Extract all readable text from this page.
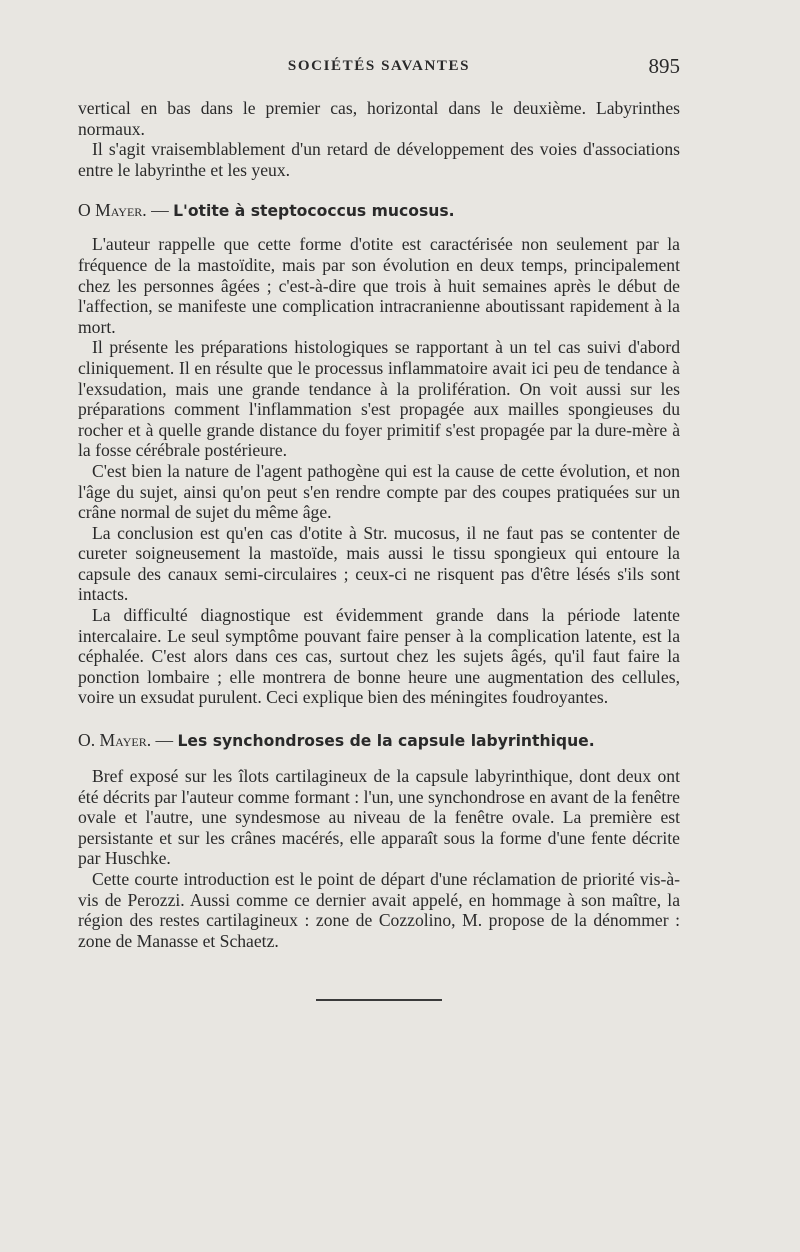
SOCIÉTÉS SAVANTES	895

vertical en bas dans le premier cas, horizontal dans le deuxième. Labyrinthes normaux.

Il s'agit vraisemblablement d'un retard de développement des voies d'associations entre le labyrinthe et les yeux.

O Mayer. — L'otite à steptococcus mucosus.

L'auteur rappelle que cette forme d'otite est caractérisée non seulement par la fréquence de la mastoïdite, mais par son évolution en deux temps, principalement chez les personnes âgées ; c'est-à-dire que trois à huit semaines après le début de l'affection, se manifeste une complication intracranienne aboutissant rapidement à la mort.

Il présente les préparations histologiques se rapportant à un tel cas suivi d'abord cliniquement. Il en résulte que le processus inflammatoire avait ici peu de tendance à l'exsudation, mais une grande tendance à la prolifération. On voit aussi sur les préparations comment l'inflammation s'est propagée aux mailles spongieuses du rocher et à quelle grande distance du foyer primitif s'est propagée par la dure-mère à la fosse cérébrale postérieure.

C'est bien la nature de l'agent pathogène qui est la cause de cette évolution, et non l'âge du sujet, ainsi qu'on peut s'en rendre compte par des coupes pratiquées sur un crâne normal de sujet du même âge.

La conclusion est qu'en cas d'otite à Str. mucosus, il ne faut pas se contenter de cureter soigneusement la mastoïde, mais aussi le tissu spongieux qui entoure la capsule des canaux semi-circulaires ; ceux-ci ne risquent pas d'être lésés s'ils sont intacts.

La difficulté diagnostique est évidemment grande dans la période latente intercalaire. Le seul symptôme pouvant faire penser à la complication latente, est la céphalée. C'est alors dans ces cas, surtout chez les sujets âgés, qu'il faut faire la ponction lombaire ; elle montrera de bonne heure une augmentation des cellules, voire un exsudat purulent. Ceci explique bien des méningites foudroyantes.

O. Mayer. — Les synchondroses de la capsule labyrinthique.

Bref exposé sur les îlots cartilagineux de la capsule labyrinthique, dont deux ont été décrits par l'auteur comme formant : l'un, une synchondrose en avant de la fenêtre ovale et l'autre, une syndesmose au niveau de la fenêtre ovale. La première est persistante et sur les crânes macérés, elle apparaît sous la forme d'une fente décrite par Huschke.

Cette courte introduction est le point de départ d'une réclamation de priorité vis-à-vis de Perozzi. Aussi comme ce dernier avait appelé, en hommage à son maître, la région des restes cartilagineux : zone de Cozzolino, M. propose de la dénommer : zone de Manasse et Schaetz.
